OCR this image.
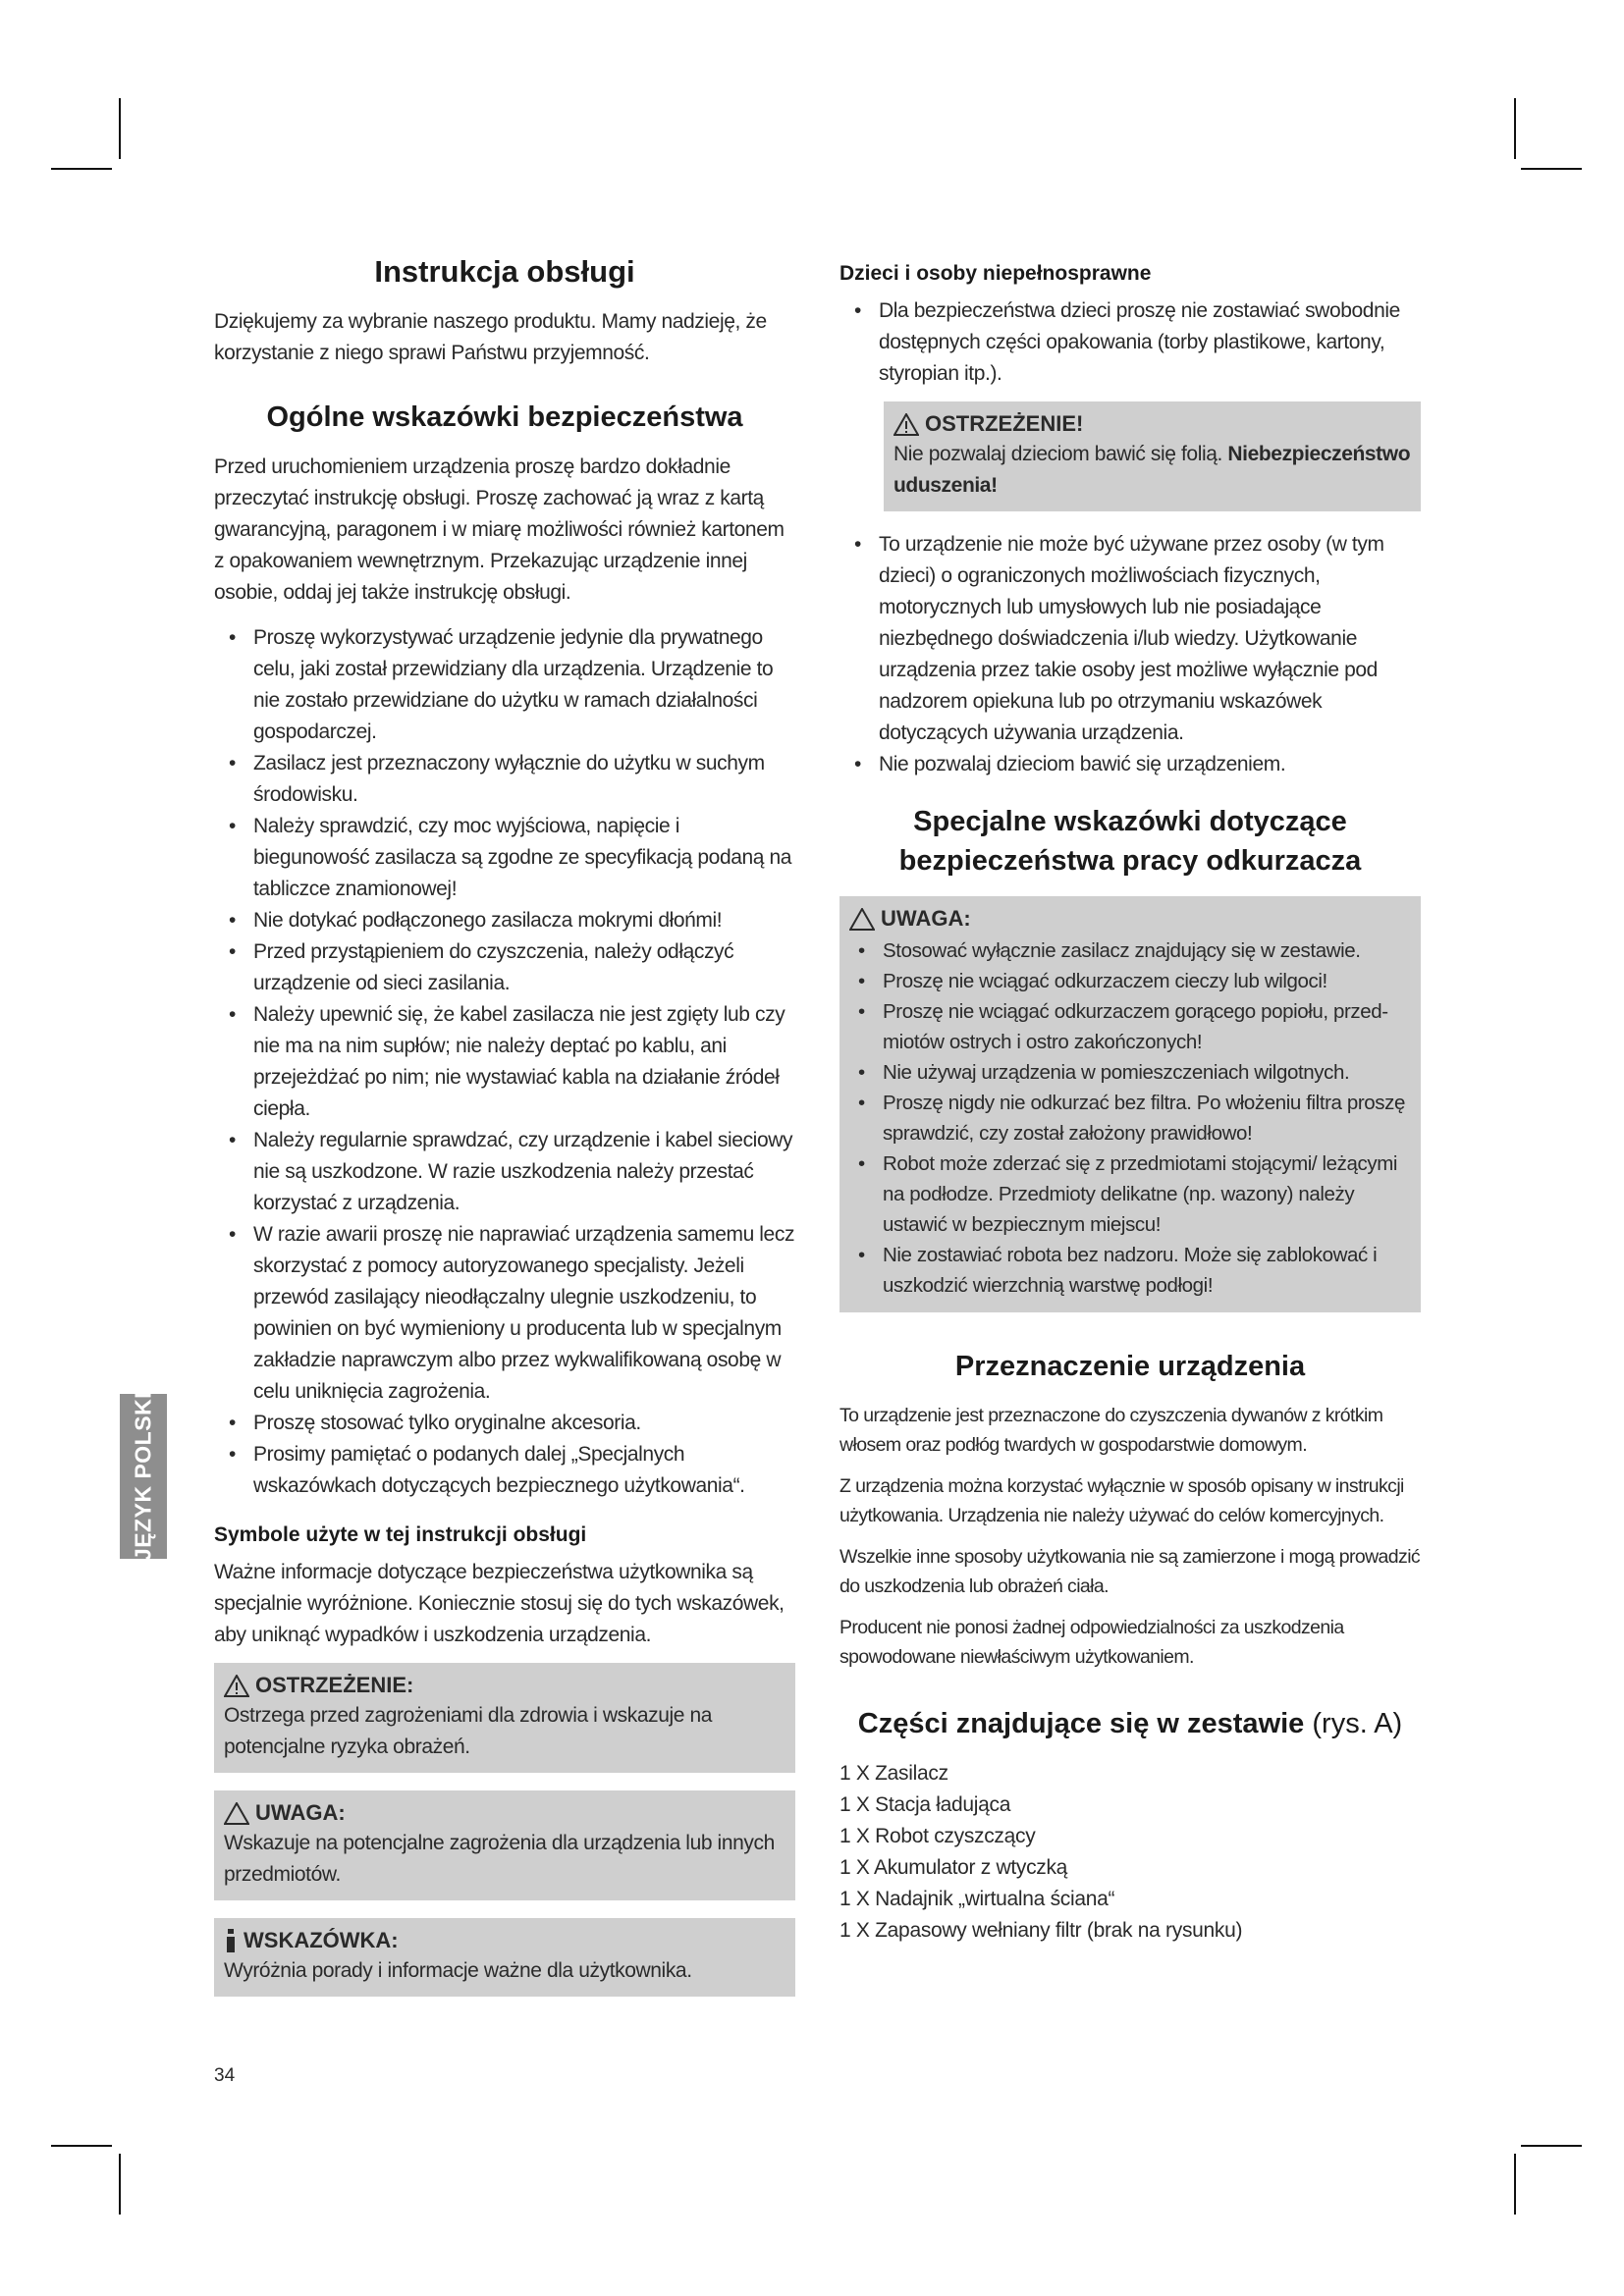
Instrukcja obsługi

Dziękujemy za wybranie naszego produktu. Mamy nadzieję, że korzystanie z niego sprawi Państwu przyjemność.

Ogólne wskazówki bezpieczeństwa

Przed uruchomieniem urządzenia proszę bardzo dokładnie przeczytać instrukcję obsługi. Proszę zachować ją wraz z kartą gwarancyjną, paragonem i w miarę możliwości również kartonem z opakowaniem wewnętrznym. Przekazując urządzenie innej osobie, oddaj jej także instrukcję obsługi.

• Proszę wykorzystywać urządzenie jedynie dla prywatnego celu, jaki został przewidziany dla urządzenia. Urządzenie to nie zostało przewidziane do użytku w ramach działalności gospodarczej.
• Zasilacz jest przeznaczony wyłącznie do użytku w suchym środowisku.
• Należy sprawdzić, czy moc wyjściowa, napięcie i biegunowość zasilacza są zgodne ze specyfikacją podaną na tabliczce znamionowej!
• Nie dotykać podłączonego zasilacza mokrymi dłońmi!
• Przed przystąpieniem do czyszczenia, należy odłączyć urządzenie od sieci zasilania.
• Należy upewnić się, że kabel zasilacza nie jest zgięty lub czy nie ma na nim supłów; nie należy deptać po kablu, ani przejeżdżać po nim; nie wystawiać kabla na działanie źródeł ciepła.
• Należy regularnie sprawdzać, czy urządzenie i kabel sieciowy nie są uszkodzone. W razie uszkodzenia należy przestać korzystać z urządzenia.
• W razie awarii proszę nie naprawiać urządzenia samemu lecz skorzystać z pomocy autoryzowanego specjalisty. Jeżeli przewód zasilający nieodłączalny ulegnie uszkodzeniu, to powinien on być wymieniony u producenta lub w specjalnym zakładzie naprawczym albo przez wykwalifikowaną osobę w celu uniknięcia zagrożenia.
• Proszę stosować tylko oryginalne akcesoria.
• Prosimy pamiętać o podanych dalej „Specjalnych wskazówkach dotyczących bezpiecznego użytkowania“.
Symbole użyte w tej instrukcji obsługi

Ważne informacje dotyczące bezpieczeństwa użytkownika są specjalnie wyróżnione. Koniecznie stosuj się do tych wskazówek, aby uniknąć wypadków i uszkodzenia urządzenia.

OSTRZEŻENIE:
Ostrzega przed zagrożeniami dla zdrowia i wskazuje na potencjalne ryzyka obrażeń.
UWAGA:
Wskazuje na potencjalne zagrożenia dla urządzenia lub innych przedmiotów.
WSKAZÓWKA:
Wyróżnia porady i informacje ważne dla użytkownika.
Dzieci i osoby niepełnosprawne
• Dla bezpieczeństwa dzieci proszę nie zostawiać swobodnie dostępnych części opakowania (torby plastikowe, kartony, styropian itp.).
OSTRZEŻENIE!
Nie pozwalaj dzieciom bawić się folią. Niebezpieczeństwo uduszenia!
• To urządzenie nie może być używane przez osoby (w tym dzieci) o ograniczonych możliwościach fizycznych, motorycznych lub umysłowych lub nie posiadające niezbędnego doświadczenia i/lub wiedzy. Użytkowanie urządzenia przez takie osoby jest możliwe wyłącznie pod nadzorem opiekuna lub po otrzymaniu wskazówek dotyczących używania urządzenia.
• Nie pozwalaj dzieciom bawić się urządzeniem.
Specjalne wskazówki dotyczące
bezpieczeństwa pracy odkurzacza
UWAGA:
• Stosować wyłącznie zasilacz znajdujący się w zestawie.
• Proszę nie wciągać odkurzaczem cieczy lub wilgoci!
• Proszę nie wciągać odkurzaczem gorącego popiołu, przed-miotów ostrych i ostro zakończonych!
• Nie używaj urządzenia w pomieszczeniach wilgotnych.
• Proszę nigdy nie odkurzać bez filtra. Po włożeniu filtra proszę sprawdzić, czy został założony prawidłowo!
• Robot może zderzać się z przedmiotami stojącymi/ leżącymi na podłodze. Przedmioty delikatne (np. wazony) należy ustawić w bezpiecznym miejscu!
• Nie zostawiać robota bez nadzoru. Może się zablokować i uszkodzić wierzchnią warstwę podłogi!
Przeznaczenie urządzenia

To urządzenie jest przeznaczone do czyszczenia dywanów z krótkim włosem oraz podłóg twardych w gospodarstwie domowym.

Z urządzenia można korzystać wyłącznie w sposób opisany w instrukcji użytkowania. Urządzenia nie należy używać do celów komercyjnych.

Wszelkie inne sposoby użytkowania nie są zamierzone i mogą prowadzić do uszkodzenia lub obrażeń ciała.

Producent nie ponosi żadnej odpowiedzialności za uszkodzenia spowodowane niewłaściwym użytkowaniem.

Części znajdujące się w zestawie (rys. A)
1 X Zasilacz
1 X Stacja ładująca
1 X Robot czyszczący
1 X Akumulator z wtyczką
1 X Nadajnik „wirtualna ściana“
1 X Zapasowy wełniany filtr (brak na rysunku)
JĘZYK POLSKI
34
